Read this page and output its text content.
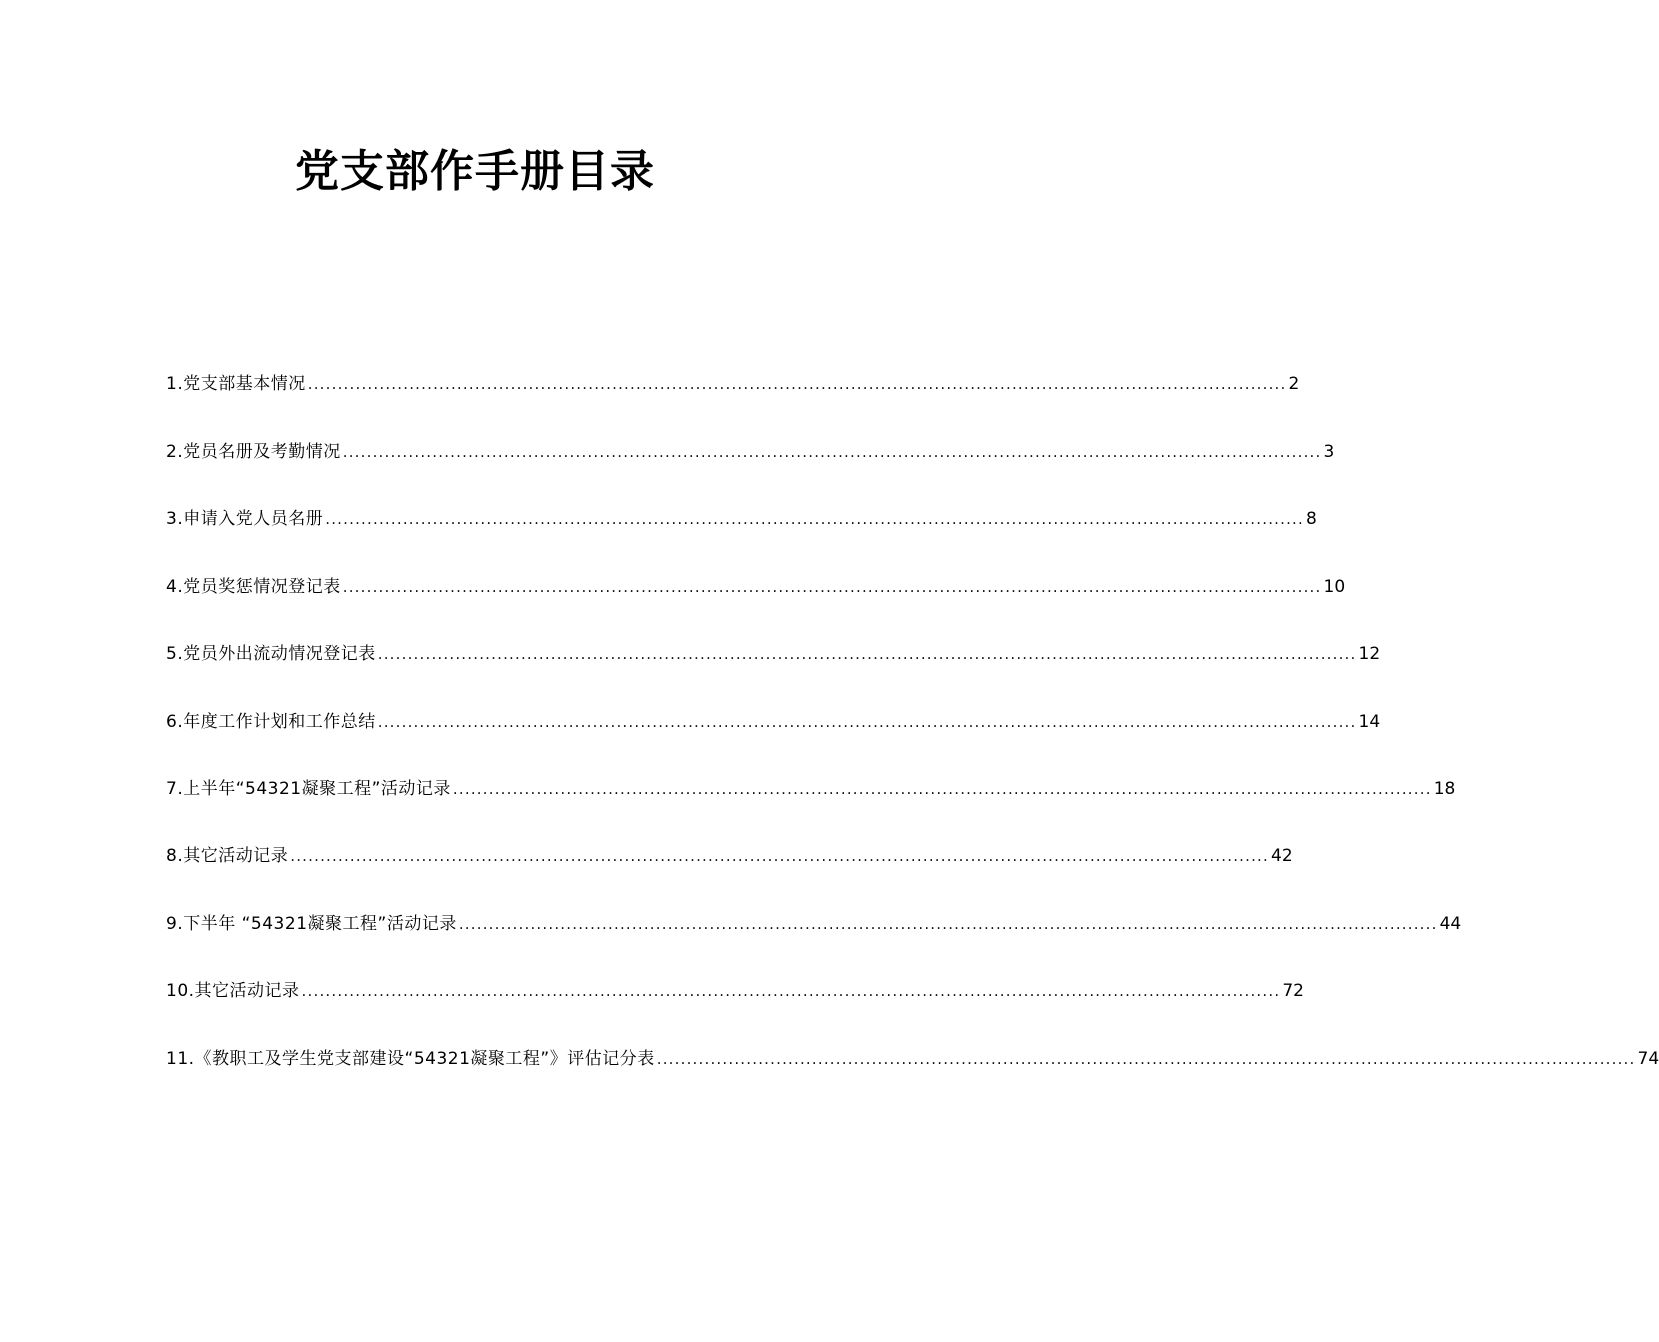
党支部作手册目录
1.党支部基本情况 .................................................................................................................................................................... 2
2.党员名册及考勤情况 .................................................................................................................................................................... 3
3.申请入党人员名册 .................................................................................................................................................................... 8
4.党员奖惩情况登记表 .................................................................................................................................................................... 10
5.党员外出流动情况登记表 .................................................................................................................................................................... 12
6.年度工作计划和工作总结 .................................................................................................................................................................... 14
7.上半年“54321凝聚工程”活动记录 .................................................................................................................................................................... 18
8.其它活动记录 .................................................................................................................................................................... 42
9.下半年 “54321凝聚工程”活动记录 .................................................................................................................................................................... 44
10.其它活动记录 .................................................................................................................................................................... 72
11.《教职工及学生党支部建设“54321凝聚工程”》评估记分表 .................................................................................................................................................................... 74
